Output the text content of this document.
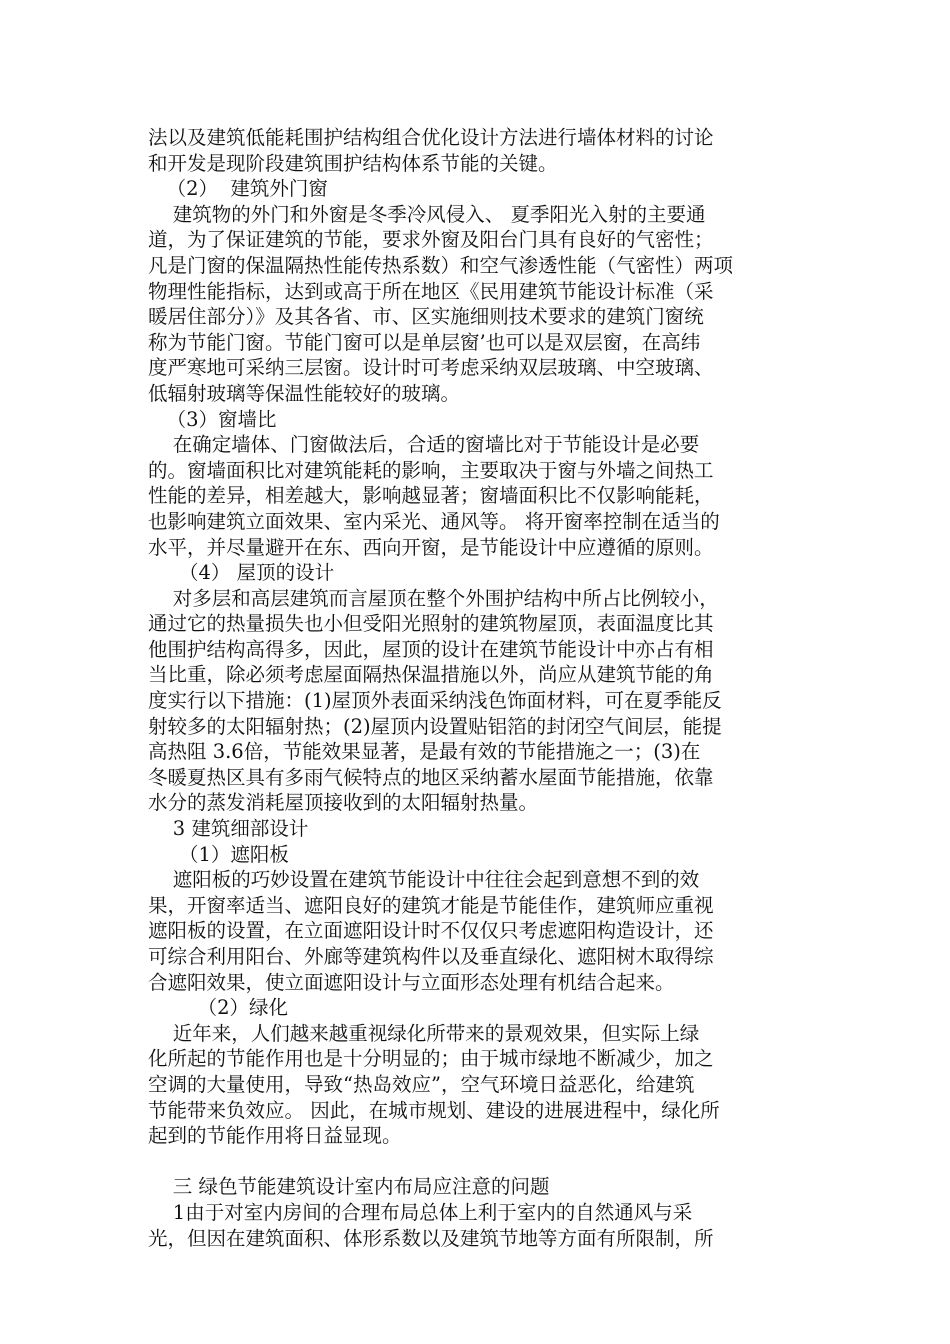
法以及建筑低能耗围护结构组合优化设计方法进行墙体材料的讨论
和开发是现阶段建筑围护结构体系节能的关键。
（2）  建筑外门窗
建筑物的外门和外窗是冬季冷风侵入、 夏季阳光入射的主要通
道，为了保证建筑的节能，要求外窗及阳台门具有良好的气密性；
凡是门窗的保温隔热性能传热系数）和空气渗透性能（气密性）两项
物理性能指标，达到或高于所在地区《民用建筑节能设计标准（采
暖居住部分）》及其各省、市、区实施细则技术要求的建筑门窗统
称为节能门窗。节能门窗可以是单层窗’也可以是双层窗，在高纬
度严寒地可采纳三层窗。设计时可考虑采纳双层玻璃、中空玻璃、
低辐射玻璃等保温性能较好的玻璃。
（3）窗墙比
在确定墙体、门窗做法后，合适的窗墙比对于节能设计是必要
的。窗墙面积比对建筑能耗的影响，主要取决于窗与外墙之间热工
性能的差异，相差越大，影响越显著；窗墙面积比不仅影响能耗，
也影响建筑立面效果、室内采光、通风等。 将开窗率控制在适当的
水平，并尽量避开在东、西向开窗，是节能设计中应遵循的原则。
（4） 屋顶的设计
对多层和高层建筑而言屋顶在整个外围护结构中所占比例较小，
通过它的热量损失也小但受阳光照射的建筑物屋顶，表面温度比其
他围护结构高得多，因此，屋顶的设计在建筑节能设计中亦占有相
当比重，除必须考虑屋面隔热保温措施以外，尚应从建筑节能的角
度实行以下措施：(1)屋顶外表面采纳浅色饰面材料，可在夏季能反
射较多的太阳辐射热；(2)屋顶内设置贴铝箔的封闭空气间层，能提
高热阻 3.6倍，节能效果显著，是最有效的节能措施之一；(3)在
冬暖夏热区具有多雨气候特点的地区采纳蓄水屋面节能措施，依靠
水分的蒸发消耗屋顶接收到的太阳辐射热量。
3 建筑细部设计
（1）遮阳板
遮阳板的巧妙设置在建筑节能设计中往往会起到意想不到的效
果，开窗率适当、遮阳良好的建筑才能是节能佳作，建筑师应重视
遮阳板的设置，在立面遮阳设计时不仅仅只考虑遮阳构造设计，还
可综合利用阳台、外廊等建筑构件以及垂直绿化、遮阳树木取得综
合遮阳效果，使立面遮阳设计与立面形态处理有机结合起来。
（2）绿化
近年来，人们越来越重视绿化所带来的景观效果，但实际上绿
化所起的节能作用也是十分明显的；由于城市绿地不断减少，加之
空调的大量使用，导致“热岛效应”，空气环境日益恶化，给建筑
节能带来负效应。 因此，在城市规划、建设的进展进程中，绿化所
起到的节能作用将日益显现。
三 绿色节能建筑设计室内布局应注意的问题
1由于对室内房间的合理布局总体上利于室内的自然通风与采
光，但因在建筑面积、体形系数以及建筑节地等方面有所限制，所
